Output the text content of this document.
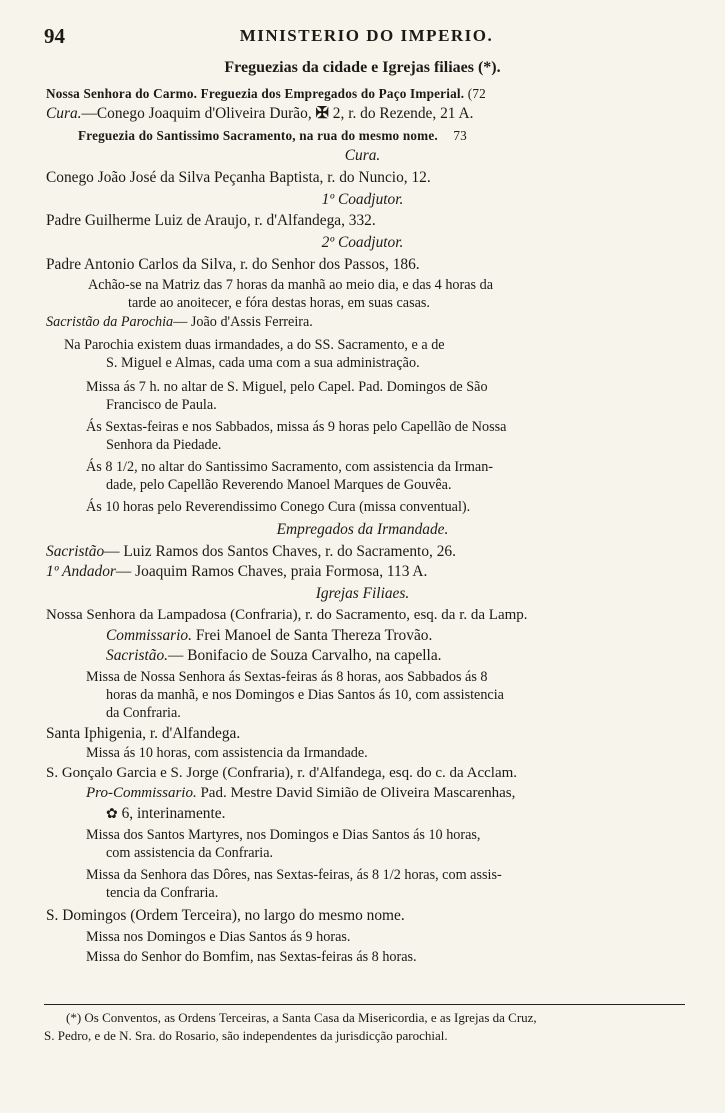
94	MINISTERIO DO IMPERIO.
Freguezias da cidade e Igrejas filiaes (*).
Nossa Senhora do Carmo. Freguezia dos Empregados do Paço Imperial. (72
Cura.—Conego Joaquim d'Oliveira Durão, ✠ 2, r. do Rezende, 21 A.
Freguezia do Santissimo Sacramento, na rua do mesmo nome. 73
Cura.
Conego João José da Silva Peçanha Baptista, r. do Nuncio, 12.
1º Coadjutor.
Padre Guilherme Luiz de Araujo, r. d'Alfandega, 332.
2º Coadjutor.
Padre Antonio Carlos da Silva, r. do Senhor dos Passos, 186.
Achão-se na Matriz das 7 horas da manhã ao meio dia, e das 4 horas da
tarde ao anoitecer, e fóra destas horas, em suas casas.
Sacristão da Parochia— João d'Assis Ferreira.
Na Parochia existem duas irmandades, a do SS. Sacramento, e a de
S. Miguel e Almas, cada uma com a sua administração.
Missa ás 7 h. no altar de S. Miguel, pelo Capel. Pad. Domingos de São
Francisco de Paula.
Ás Sextas-feiras e nos Sabbados, missa ás 9 horas pelo Capellão de Nossa
Senhora da Piedade.
Ás 8 1/2, no altar do Santissimo Sacramento, com assistencia da Irman-
dade, pelo Capellão Reverendo Manoel Marques de Gouvêa.
Ás 10 horas pelo Reverendissimo Conego Cura (missa conventual).
Empregados da Irmandade.
Sacristão— Luiz Ramos dos Santos Chaves, r. do Sacramento, 26.
1º Andador— Joaquim Ramos Chaves, praia Formosa, 113 A.
Igrejas Filiaes.
Nossa Senhora da Lampadosa (Confraria), r. do Sacramento, esq. da r. da Lamp.
Commissario. Frei Manoel de Santa Thereza Trovão.
Sacristão.— Bonifacio de Souza Carvalho, na capella.
Missa de Nossa Senhora ás Sextas-feiras ás 8 horas, aos Sabbados ás 8
horas da manhã, e nos Domingos e Dias Santos ás 10, com assistencia
da Confraria.
Santa Iphigenia, r. d'Alfandega.
Missa ás 10 horas, com assistencia da Irmandade.
S. Gonçalo Garcia e S. Jorge (Confraria), r. d'Alfandega, esq. do c. da Acclam.
Pro-Commissario. Pad. Mestre David Simião de Oliveira Mascarenhas,
✿ 6, interinamente.
Missa dos Santos Martyres, nos Domingos e Dias Santos ás 10 horas,
com assistencia da Confraria.
Missa da Senhora das Dôres, nas Sextas-feiras, ás 8 1/2 horas, com assis-
tencia da Confraria.
S. Domingos (Ordem Terceira), no largo do mesmo nome.
Missa nos Domingos e Dias Santos ás 9 horas.
Missa do Senhor do Bomfim, nas Sextas-feiras ás 8 horas.
(*) Os Conventos, as Ordens Terceiras, a Santa Casa da Misericordia, e as Igrejas da Cruz,
S. Pedro, e de N. Sra. do Rosario, são independentes da jurisdicção parochial.
